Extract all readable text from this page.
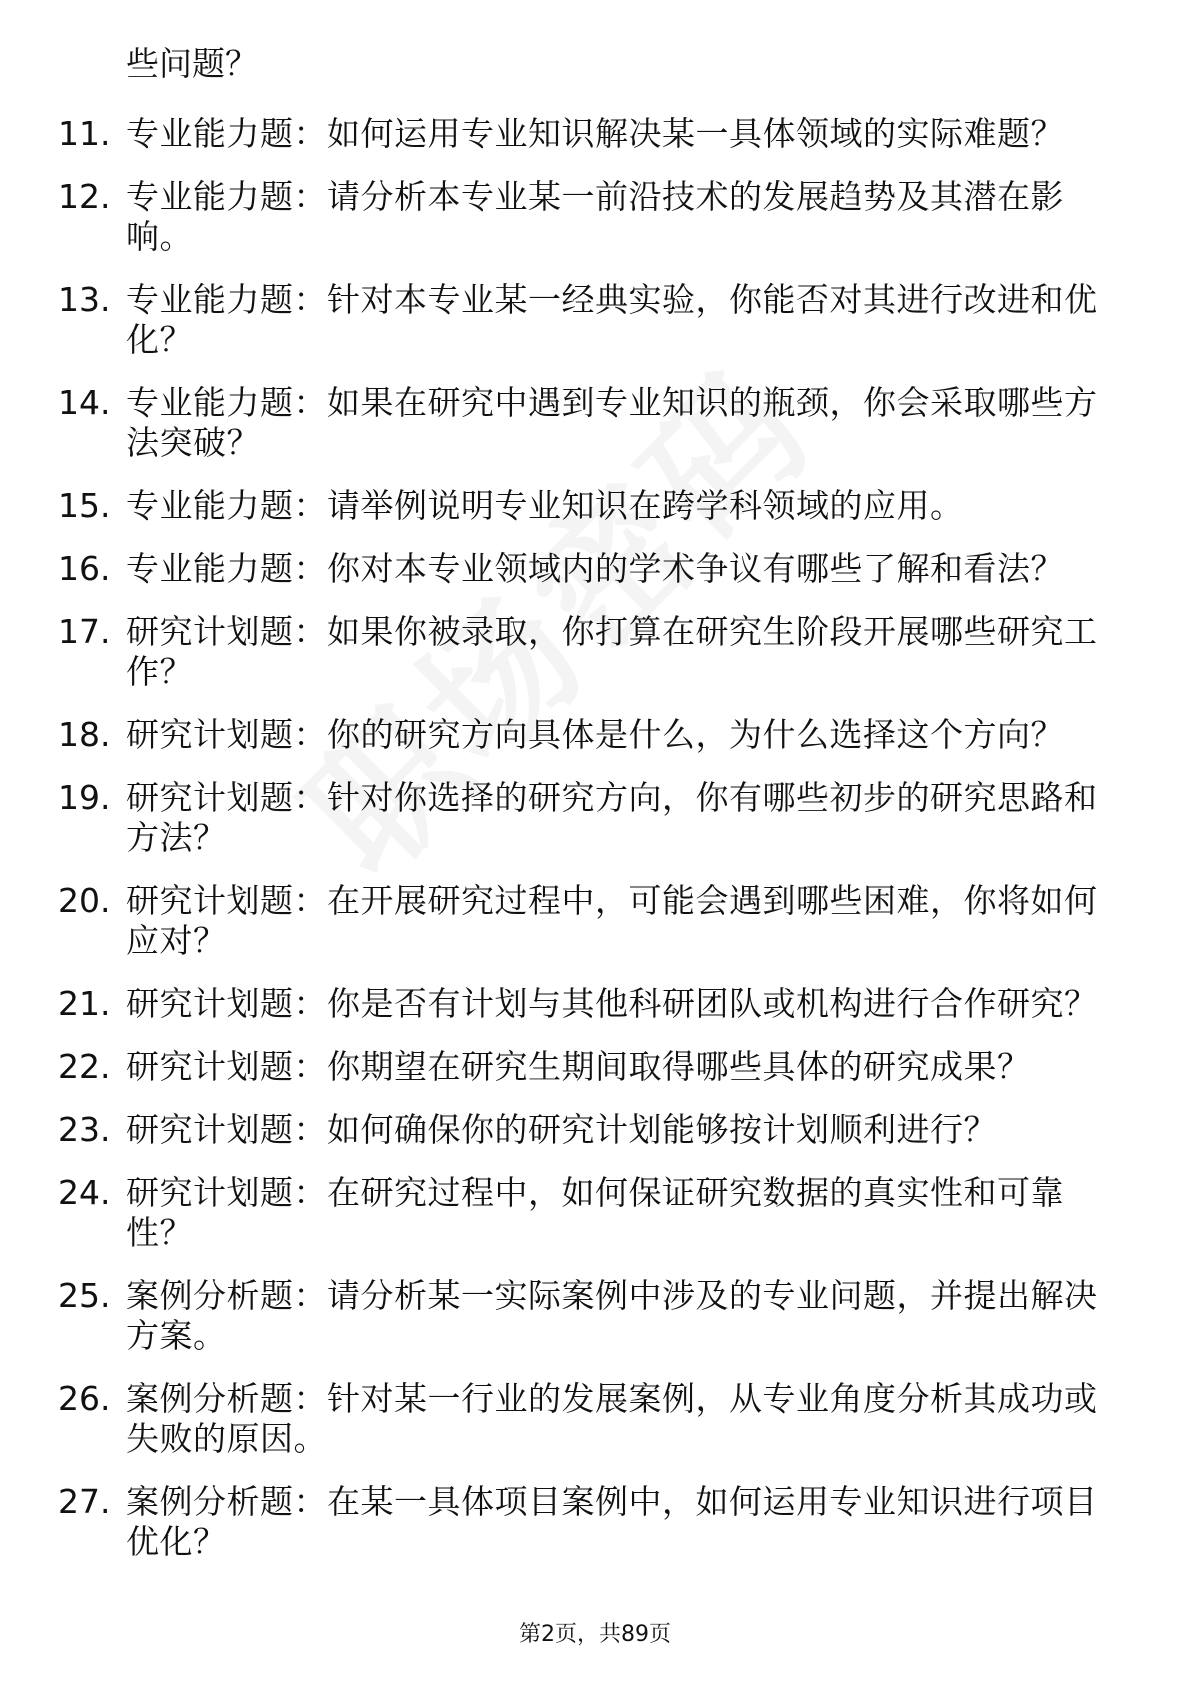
些问题？
11. 专业能力题：如何运用专业知识解决某一具体领域的实际难题？
12. 专业能力题：请分析本专业某一前沿技术的发展趋势及其潜在影响。
13. 专业能力题：针对本专业某一经典实验，你能否对其进行改进和优化？
14. 专业能力题：如果在研究中遇到专业知识的瓶颈，你会采取哪些方法突破？
15. 专业能力题：请举例说明专业知识在跨学科领域的应用。
16. 专业能力题：你对本专业领域内的学术争议有哪些了解和看法？
17. 研究计划题：如果你被录取，你打算在研究生阶段开展哪些研究工作？
18. 研究计划题：你的研究方向具体是什么，为什么选择这个方向？
19. 研究计划题：针对你选择的研究方向，你有哪些初步的研究思路和方法？
20. 研究计划题：在开展研究过程中，可能会遇到哪些困难，你将如何应对？
21. 研究计划题：你是否有计划与其他科研团队或机构进行合作研究？
22. 研究计划题：你期望在研究生期间取得哪些具体的研究成果？
23. 研究计划题：如何确保你的研究计划能够按计划顺利进行？
24. 研究计划题：在研究过程中，如何保证研究数据的真实性和可靠性？
25. 案例分析题：请分析某一实际案例中涉及的专业问题，并提出解决方案。
26. 案例分析题：针对某一行业的发展案例，从专业角度分析其成功或失败的原因。
27. 案例分析题：在某一具体项目案例中，如何运用专业知识进行项目优化？
第2页，共89页
